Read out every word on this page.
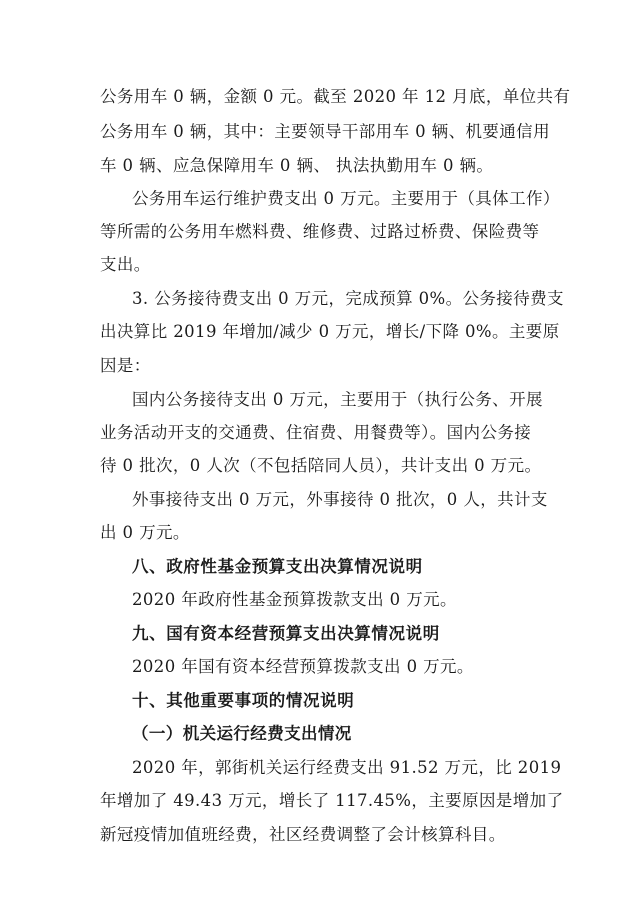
公务用车 0 辆，金额 0 元。截至 2020 年 12 月底，单位共有
公务用车 0 辆，其中：主要领导干部用车 0 辆、机要通信用
车 0 辆、应急保障用车 0 辆、 执法执勤用车 0 辆。
公务用车运行维护费支出 0 万元。主要用于（具体工作）
等所需的公务用车燃料费、维修费、过路过桥费、保险费等
支出。
3. 公务接待费支出 0 万元，完成预算 0%。公务接待费支
出决算比 2019 年增加/减少 0 万元，增长/下降 0%。主要原
因是：
国内公务接待支出 0 万元，主要用于（执行公务、开展
业务活动开支的交通费、住宿费、用餐费等）。国内公务接
待 0 批次，0 人次（不包括陪同人员），共计支出 0 万元。
外事接待支出 0 万元，外事接待 0 批次，0 人，共计支
出 0 万元。
八、政府性基金预算支出决算情况说明
2020 年政府性基金预算拨款支出 0 万元。
九、国有资本经营预算支出决算情况说明
2020 年国有资本经营预算拨款支出 0 万元。
十、其他重要事项的情况说明
（一）机关运行经费支出情况
2020 年，郭街机关运行经费支出 91.52 万元，比 2019
年增加了 49.43 万元，增长了 117.45%，主要原因是增加了
新冠疫情加值班经费，社区经费调整了会计核算科目。
